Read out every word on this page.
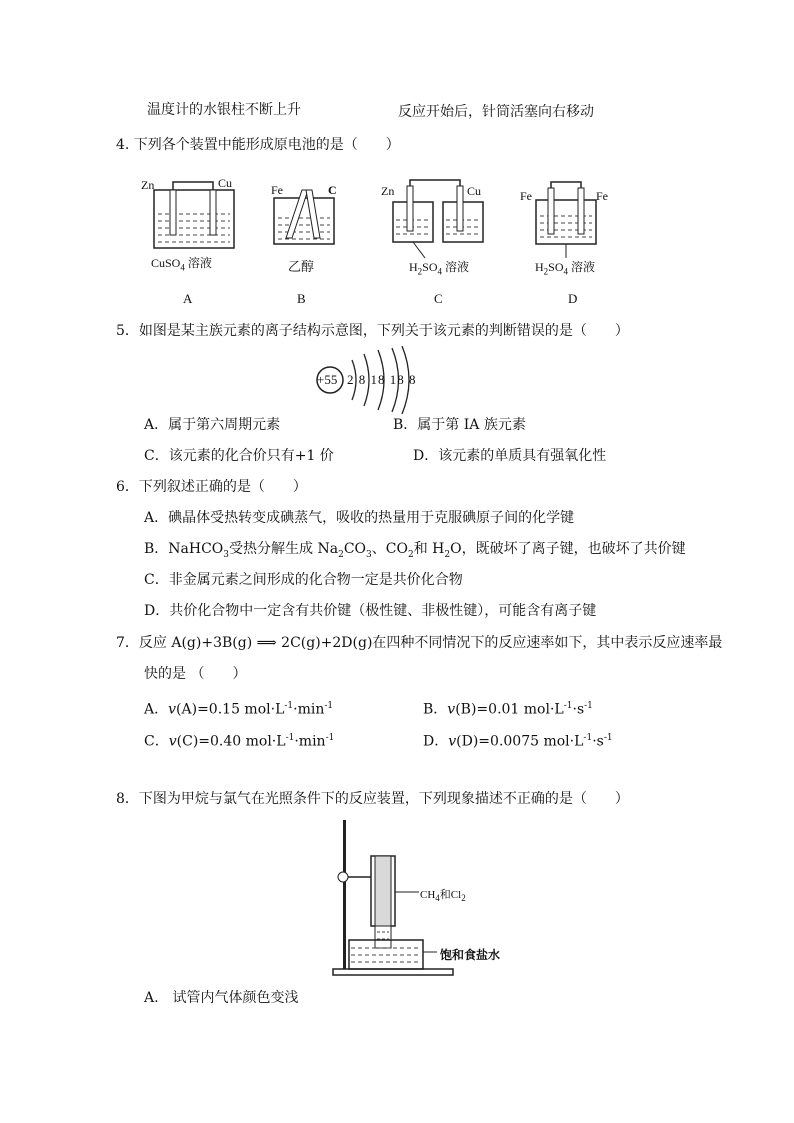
温度计的水银柱不断上升	反应开始后，针筒活塞向右移动
4. 下列各个装置中能形成原电池的是（　　）
Zn	Cu
CuSO$_4$ 溶液
A
Fe	C
乙醇
B
Zn	Cu
$H_2SO_4$ 溶液
C
Fe	Fe
$H_2SO_4$ 溶液
D
5．如图是某主族元素的离子结构示意图，下列关于该元素的判断错误的是（　　）
+55 2 8 18 18 8
A．属于第六周期元素	B．属于第 IA 族元素
C．该元素的化合价只有+1 价	D．该元素的单质具有强氧化性
6．下列叙述正确的是（　　）
A．碘晶体受热转变成碘蒸气，吸收的热量用于克服碘原子间的化学键
B．NaHCO$_3$受热分解生成 $Na_2CO_3$、$CO_2$和 $H_2O$，既破坏了离子键，也破坏了共价键
C．非金属元素之间形成的化合物一定是共价化合物
D．共价化合物中一定含有共价键（极性键、非极性键），可能含有离子键
7．反应 A(g)+3B(g) ⟹ 2C(g)+2D(g)在四种不同情况下的反应速率如下，其中表示反应速率最
快的是 （　　）
A．v(A)=0.15 $mol\cdot L^{-1}\cdot\min^{-1}$	B．v(B)=0.01 $mol\cdot L^{-1}\cdot s^{-1}$
C．v(C)=0.40 $mol\cdot L^{-1}\cdot\min^{-1}$	D．v(D)=0.0075 $mol\cdot L^{-1}\cdot s^{-1}$
8．下图为甲烷与氯气在光照条件下的反应装置，下列现象描述不正确的是（　　）
$CH_4$和$Cl_2$
饱和食盐水
A.　试管内气体颜色变浅
